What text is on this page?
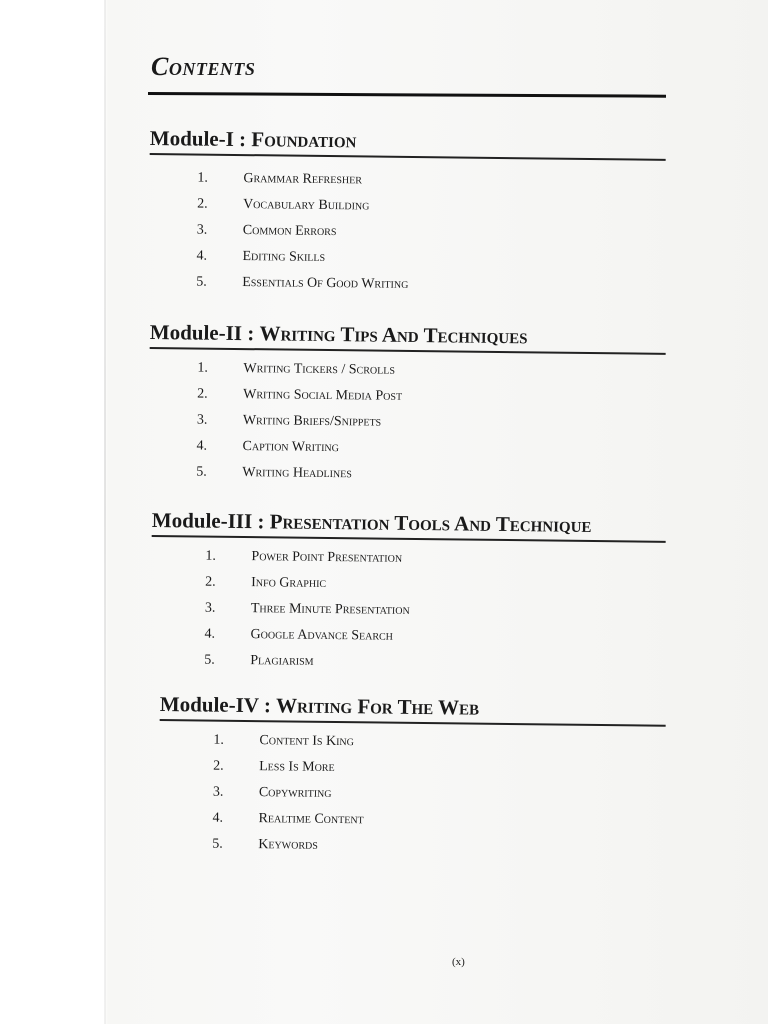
Contents
Module-I : Foundation
1.	Grammar Refresher
2.	Vocabulary Building
3.	Common Errors
4.	Editing Skills
5.	Essentials Of Good Writing
Module-II : Writing Tips And Techniques
1.	Writing Tickers / Scrolls
2.	Writing Social Media Post
3.	Writing Briefs/Snippets
4.	Caption Writing
5.	Writing Headlines
Module-III : Presentation Tools And Technique
1.	Power Point Presentation
2.	Info Graphic
3.	Three Minute Presentation
4.	Google Advance Search
5.	Plagiarism
Module-IV : Writing For The Web
1.	Content Is King
2.	Less Is More
3.	Copywriting
4.	Realtime Content
5.	Keywords

(x)
